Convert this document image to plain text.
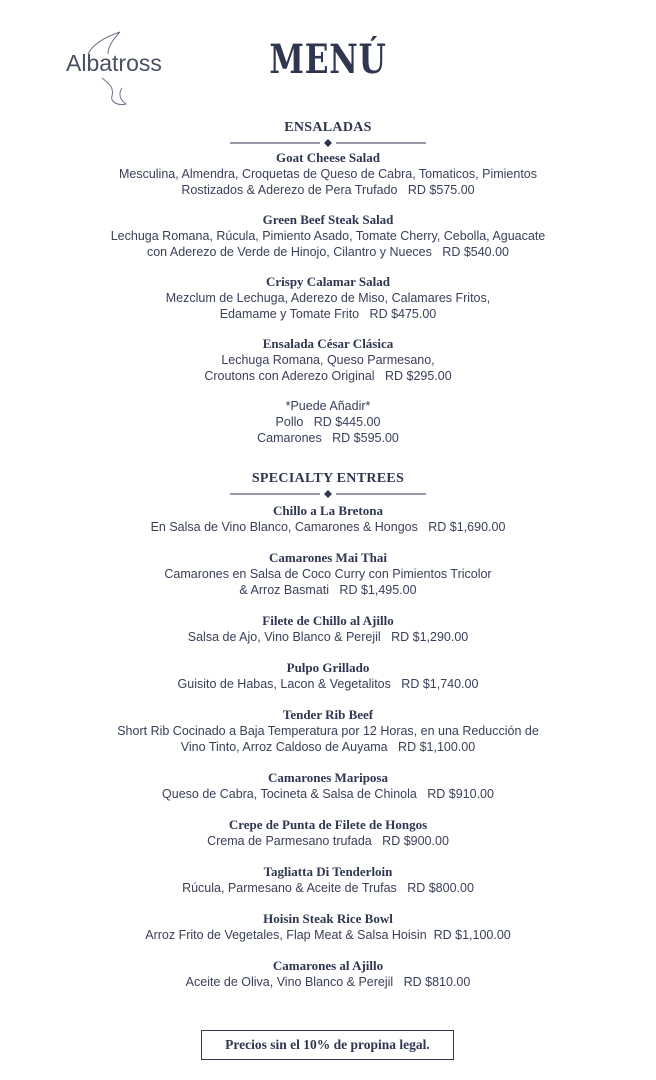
Albatross	MENÚ
ENSALADAS
Goat Cheese Salad
Mesculina, Almendra, Croquetas de Queso de Cabra, Tomaticos, Pimientos
Rostizados & Aderezo de Pera Trufado   RD $575.00
Green Beef Steak Salad
Lechuga Romana, Rúcula, Pimiento Asado, Tomate Cherry, Cebolla, Aguacate
con Aderezo de Verde de Hinojo, Cilantro y Nueces   RD $540.00
Crispy Calamar Salad
Mezclum de Lechuga, Aderezo de Miso, Calamares Fritos,
Edamame y Tomate Frito   RD $475.00
Ensalada César Clásica
Lechuga Romana, Queso Parmesano,
Croutons con Aderezo Original   RD $295.00
*Puede Añadir*
Pollo   RD $445.00
Camarones   RD $595.00
SPECIALTY ENTREES
Chillo a La Bretona
En Salsa de Vino Blanco, Camarones & Hongos   RD $1,690.00
Camarones Mai Thai
Camarones en Salsa de Coco Curry con Pimientos Tricolor
& Arroz Basmati   RD $1,495.00
Filete de Chillo al Ajillo
Salsa de Ajo, Vino Blanco & Perejil   RD $1,290.00
Pulpo Grillado
Guisito de Habas, Lacon & Vegetalitos   RD $1,740.00
Tender Rib Beef
Short Rib Cocinado a Baja Temperatura por 12 Horas, en una Reducción de
Vino Tinto, Arroz Caldoso de Auyama   RD $1,100.00
Camarones Mariposa
Queso de Cabra, Tocineta & Salsa de Chinola   RD $910.00
Crepe de Punta de Filete de Hongos
Crema de Parmesano trufada   RD $900.00
Tagliatta Di Tenderloin
Rúcula, Parmesano & Aceite de Trufas   RD $800.00
Hoisin Steak Rice Bowl
Arroz Frito de Vegetales, Flap Meat & Salsa Hoisin  RD $1,100.00
Camarones al Ajillo
Aceite de Oliva, Vino Blanco & Perejil   RD $810.00
Precios sin el 10% de propina legal.
